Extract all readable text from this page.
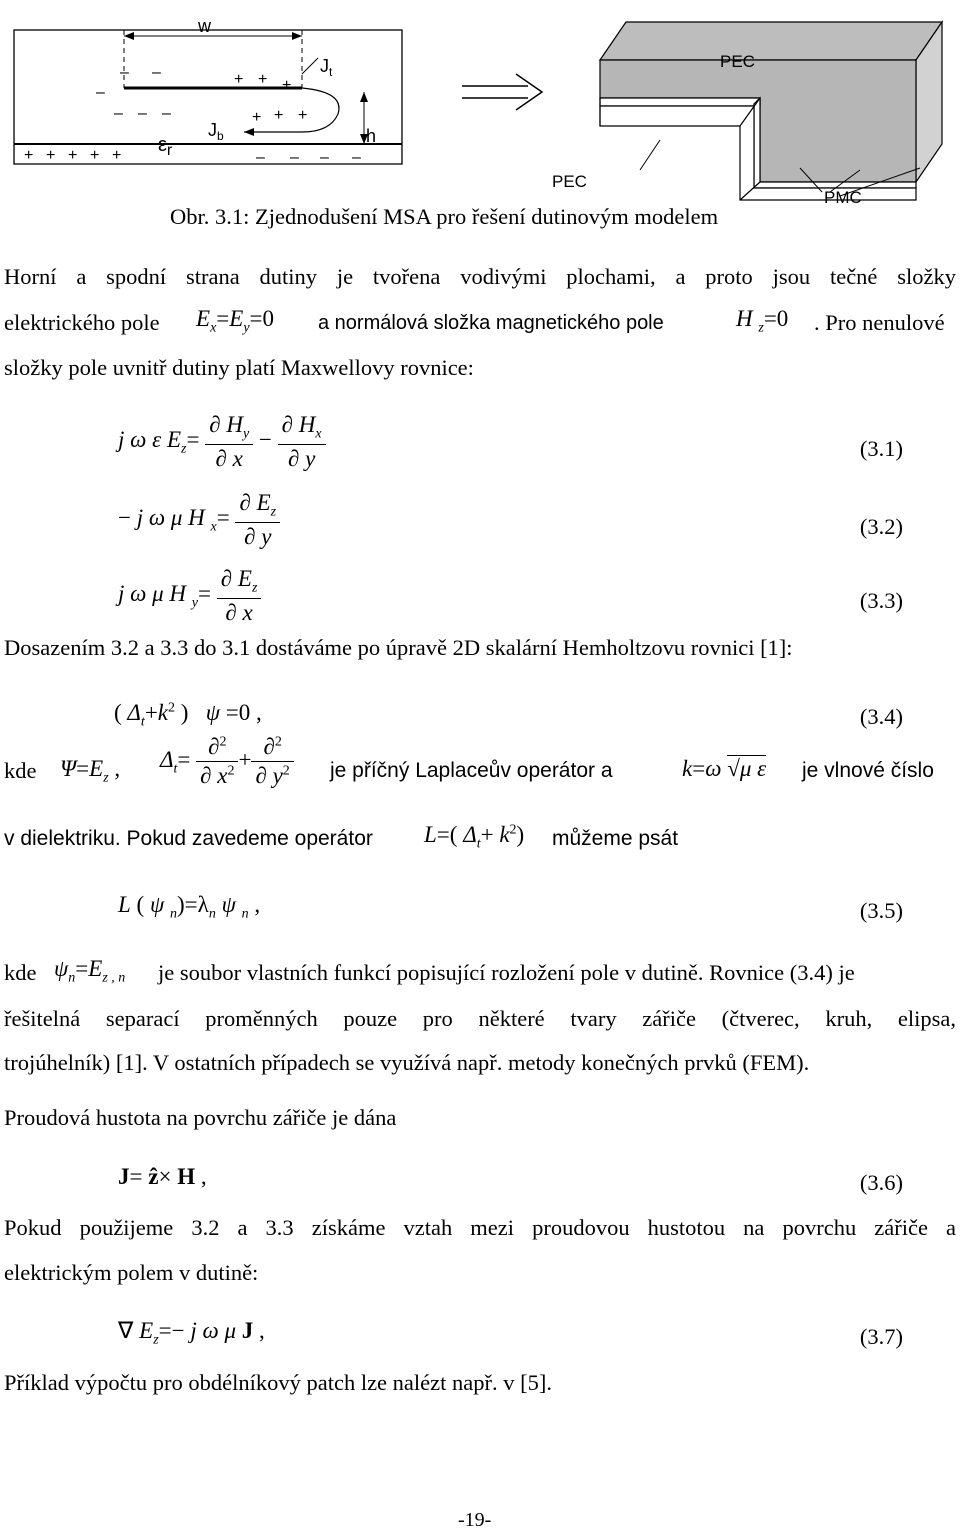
–
– –
– – –
+ + +
+ + +
+ + + + +	– – – –
w
$J_t$
$J_b$	h
$\varepsilon_r$
PEC
PEC
PMC
Obr. 3.1: Zjednodušení MSA pro řešení dutinovým modelem
Horní a spodní strana dutiny je tvořena vodivými plochami, a proto jsou tečné složky
elektrického pole $E_x=E_y=0$ a normálová složka magnetického pole	H $_z$=0 . Pro nenulové
složky pole uvnitř dutiny platí Maxwellovy rovnice:
j ω ε $E_z= \frac{\partial H_y}{\partial x} - \frac{\partial H_x}{\partial y}$	(3.1)
− j ω μ H $_x= \frac{\partial E_z}{\partial y}$	(3.2)
j ω μ H $_y= \frac{\partial E_z}{\partial x}$	(3.3)
Dosazením 3.2 a 3.3 do 3.1 dostáváme po úpravě 2D skalární Hemholtzovu rovnici [1]:
( $\Delta_t+k^2$ )   ψ =0 ,	(3.4)
kde $\Psi=E_z$ , $\Delta_t= \frac{\partial^2}{\partial x^2} + \frac{\partial^2}{\partial y^2}$ je příčný Laplaceův operátor a	k=ω √μ ε je vlnové číslo
v dielektriku. Pokud zavedeme operátor L=( $\Delta_t+ k^2$) můžeme psát
L ( ψ $_n)=\lambda_n$ ψ $_n$ ,	(3.5)
kde $\psi_n=E_{z , n}$ je soubor vlastních funkcí popisující rozložení pole v dutině. Rovnice (3.4) je
řešitelná separací proměnných pouze pro některé tvary zářiče (čtverec, kruh, elipsa,
trojúhelník) [1]. V ostatních případech se využívá např. metody konečných prvků (FEM).
Proudová hustota na povrchu zářiče je dána
J= ẑ× H ,	(3.6)
Pokud použijeme 3.2 a 3.3 získáme vztah mezi proudovou hustotou na povrchu zářiče a
elektrickým polem v dutině:
∇ $E_z=- j$ ω μ J ,	(3.7)
Příklad výpočtu pro obdélníkový patch lze nalézt např. v [5].
-19-
